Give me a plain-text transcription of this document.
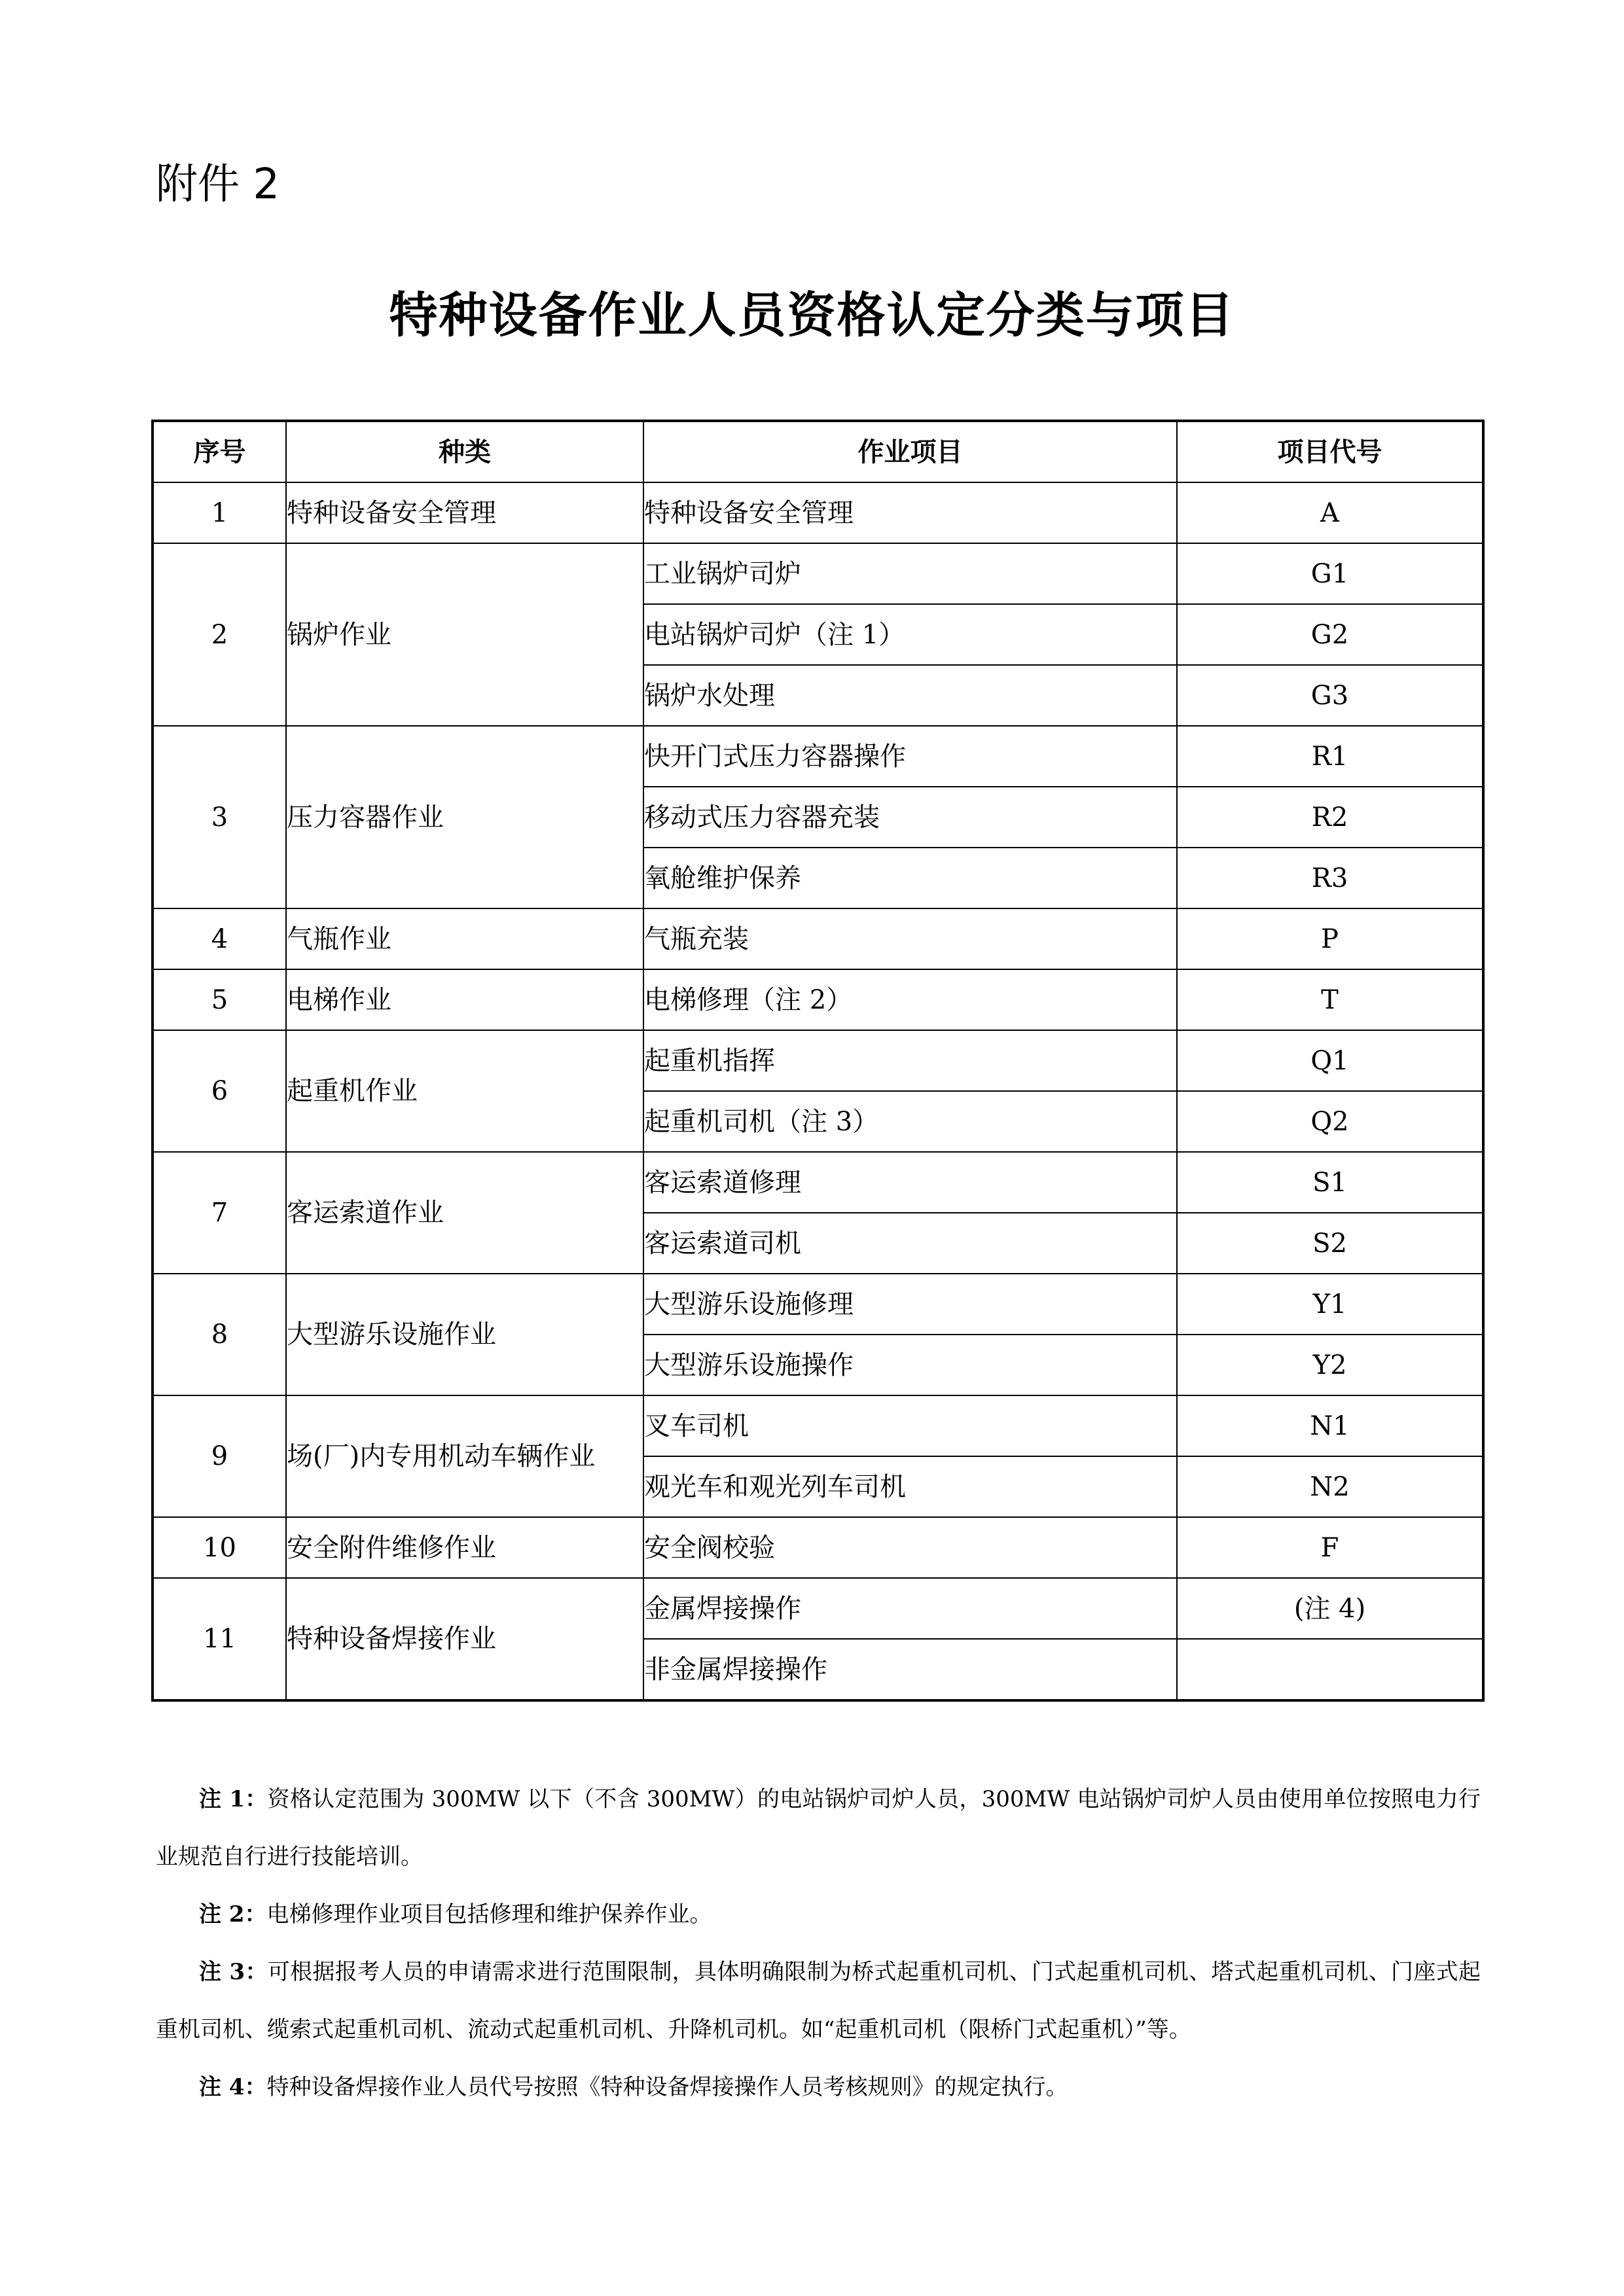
附件 2
特种设备作业人员资格认定分类与项目
序号	种类	作业项目	项目代号
1	特种设备安全管理	特种设备安全管理	A
2	锅炉作业	工业锅炉司炉	G1
		电站锅炉司炉（注 1）	G2
		锅炉水处理	G3
3	压力容器作业	快开门式压力容器操作	R1
		移动式压力容器充装	R2
		氧舱维护保养	R3
4	气瓶作业	气瓶充装	P
5	电梯作业	电梯修理（注 2）	T
6	起重机作业	起重机指挥	Q1
		起重机司机（注 3）	Q2
7	客运索道作业	客运索道修理	S1
		客运索道司机	S2
8	大型游乐设施作业	大型游乐设施修理	Y1
		大型游乐设施操作	Y2
9	场(厂)内专用机动车辆作业	叉车司机	N1
		观光车和观光列车司机	N2
10	安全附件维修作业	安全阀校验	F
11	特种设备焊接作业	金属焊接操作	(注 4)
		非金属焊接操作	

注 1：资格认定范围为 300MW 以下（不含 300MW）的电站锅炉司炉人员，300MW 电站锅炉司炉人员由使用单位按照电力行业规范自行进行技能培训。

注 2：电梯修理作业项目包括修理和维护保养作业。

注 3：可根据报考人员的申请需求进行范围限制，具体明确限制为桥式起重机司机、门式起重机司机、塔式起重机司机、门座式起重机司机、缆索式起重机司机、流动式起重机司机、升降机司机。如“起重机司机（限桥门式起重机）”等。

注 4：特种设备焊接作业人员代号按照《特种设备焊接操作人员考核规则》的规定执行。
